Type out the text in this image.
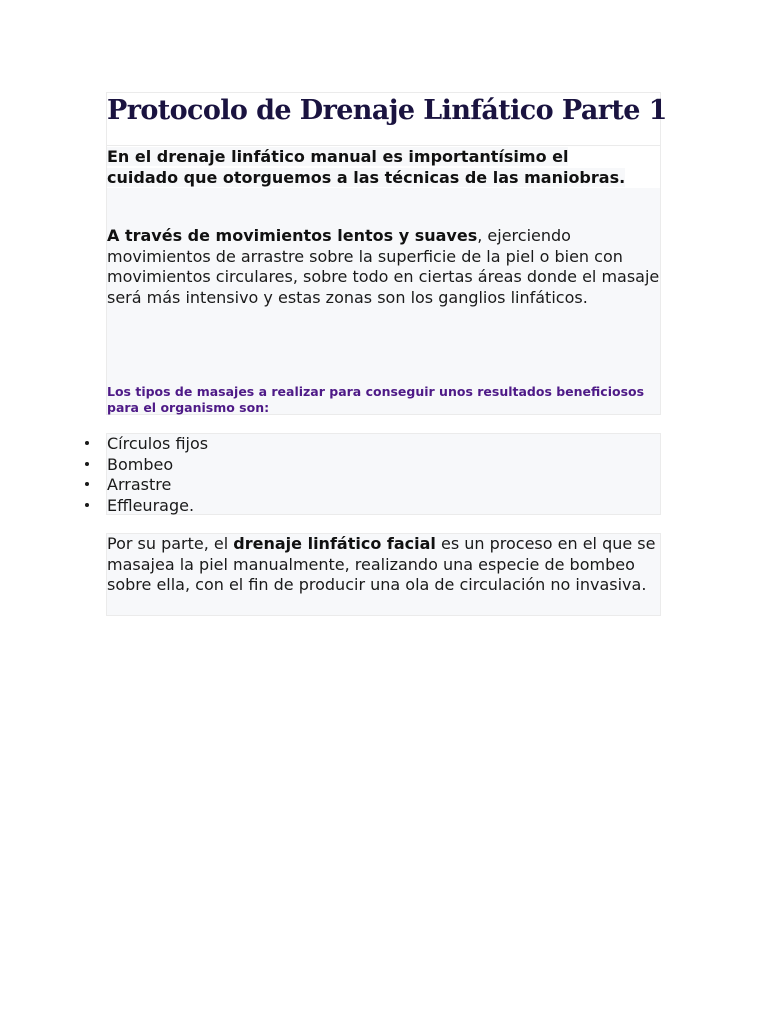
Protocolo de Drenaje Linfático Parte 1

En el drenaje linfático manual es importantísimo el
cuidado que otorguemos a las técnicas de las maniobras.

A través de movimientos lentos y suaves, ejerciendo movimientos de arrastre sobre la superficie de la piel o bien con movimientos circulares, sobre todo en ciertas áreas donde el masaje será más intensivo y estas zonas son los ganglios linfáticos.

Los tipos de masajes a realizar para conseguir unos resultados beneficiosos para el organismo son:

Círculos fijos
Bombeo
Arrastre
Effleurage.

Por su parte, el drenaje linfático facial es un proceso en el que se masajea la piel manualmente, realizando una especie de bombeo sobre ella, con el fin de producir una ola de circulación no invasiva.
